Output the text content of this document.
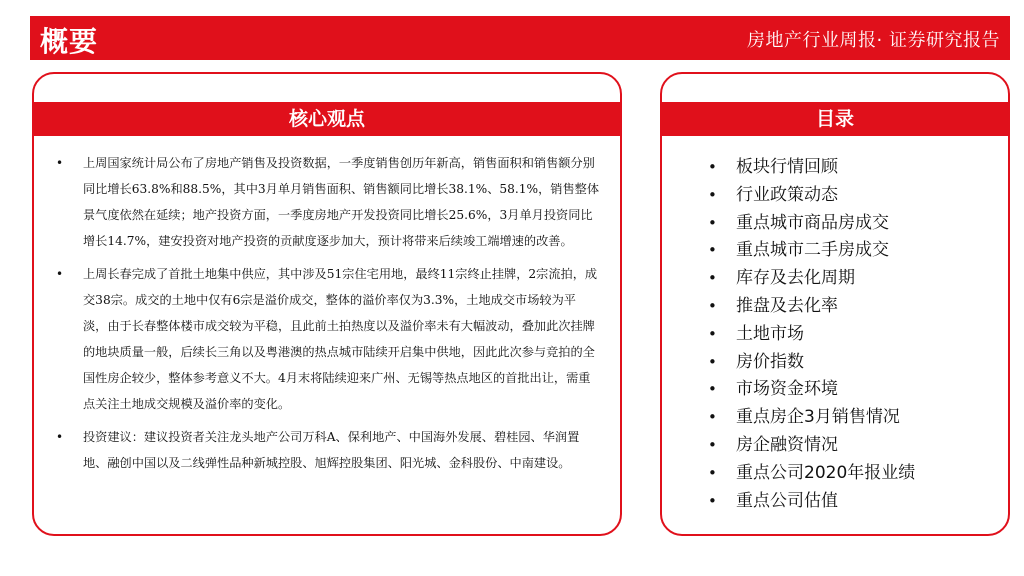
概要	房地产行业周报· 证券研究报告
核心观点
• 上周国家统计局公布了房地产销售及投资数据，一季度销售创历年新高，销售面积和销售额分别同比增长63.8%和88.5%，其中3月单月销售面积、销售额同比增长38.1%、58.1%，销售整体景气度依然在延续；地产投资方面，一季度房地产开发投资同比增长25.6%，3月单月投资同比增长14.7%，建安投资对地产投资的贡献度逐步加大，预计将带来后续竣工端增速的改善。
• 上周长春完成了首批土地集中供应，其中涉及51宗住宅用地，最终11宗终止挂牌，2宗流拍，成交38宗。成交的土地中仅有6宗是溢价成交，整体的溢价率仅为3.3%，土地成交市场较为平淡，由于长春整体楼市成交较为平稳，且此前土拍热度以及溢价率未有大幅波动，叠加此次挂牌的地块质量一般，后续长三角以及粤港澳的热点城市陆续开启集中供地，因此此次参与竞拍的全国性房企较少，整体参考意义不大。4月末将陆续迎来广州、无锡等热点地区的首批出让，需重点关注土地成交规模及溢价率的变化。
• 投资建议：建议投资者关注龙头地产公司万科A、保利地产、中国海外发展、碧桂园、华润置地、融创中国以及二线弹性品种新城控股、旭辉控股集团、阳光城、金科股份、中南建设。
目录
• 板块行情回顾
• 行业政策动态
• 重点城市商品房成交
• 重点城市二手房成交
• 库存及去化周期
• 推盘及去化率
• 土地市场
• 房价指数
• 市场资金环境
• 重点房企3月销售情况
• 房企融资情况
• 重点公司2020年报业绩
• 重点公司估值
